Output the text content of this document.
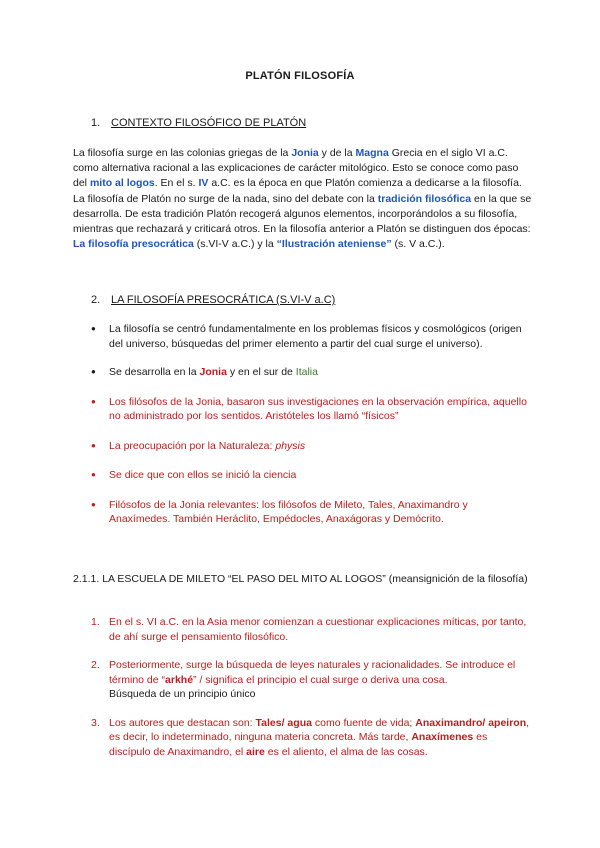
PLATÓN FILOSOFÍA
1. CONTEXTO FILOSÓFICO DE PLATÓN
La filosofía surge en las colonias griegas de la Jonia y de la Magna Grecia en el siglo VI a.C. como alternativa racional a las explicaciones de carácter mitológico. Esto se conoce como paso del mito al logos. En el s. IV a.C. es la época en que Platón comienza a dedicarse a la filosofía. La filosofía de Platón no surge de la nada, sino del debate con la tradición filosófica en la que se desarrolla. De esta tradición Platón recogerá algunos elementos, incorporándolos a su filosofía, mientras que rechazará y criticará otros. En la filosofía anterior a Platón se distinguen dos épocas: La filosofía presocrática (s.VI-V a.C.) y la “Ilustración ateniense” (s. V a.C.).
2. LA FILOSOFÍA PRESOCRÁTICA (S.VI-V a.C)
● La filosofía se centró fundamentalmente en los problemas físicos y cosmológicos (origen del universo, búsquedas del primer elemento a partir del cual surge el universo).
● Se desarrolla en la Jonia y en el sur de Italia
● Los filósofos de la Jonia, basaron sus investigaciones en la observación empírica, aquello no administrado por los sentidos. Aristóteles los llamó “físicos”
● La preocupación por la Naturaleza: physis
● Se dice que con ellos se inició la ciencia
● Filósofos de la Jonia relevantes: los filósofos de Mileto, Tales, Anaximandro y Anaxímedes. También Heráclito, Empédocles, Anaxágoras y Demócrito.
2.1.1. LA ESCUELA DE MILETO “EL PASO DEL MITO AL LOGOS” (meansignición de la filosofía)
1. En el s. VI a.C. en la Asia menor comienzan a cuestionar explicaciones míticas, por tanto, de ahí surge el pensamiento filosófico.
2. Posteriormente, surge la búsqueda de leyes naturales y racionalidades. Se introduce el término de “arkhé” / significa el principio el cual surge o deriva una cosa.
Búsqueda de un principio único
3. Los autores que destacan son: Tales/ agua como fuente de vida; Anaximandro/ apeiron, es decir, lo indeterminado, ninguna materia concreta. Más tarde, Anaxímenes es discípulo de Anaximandro, el aire es el aliento, el alma de las cosas.
